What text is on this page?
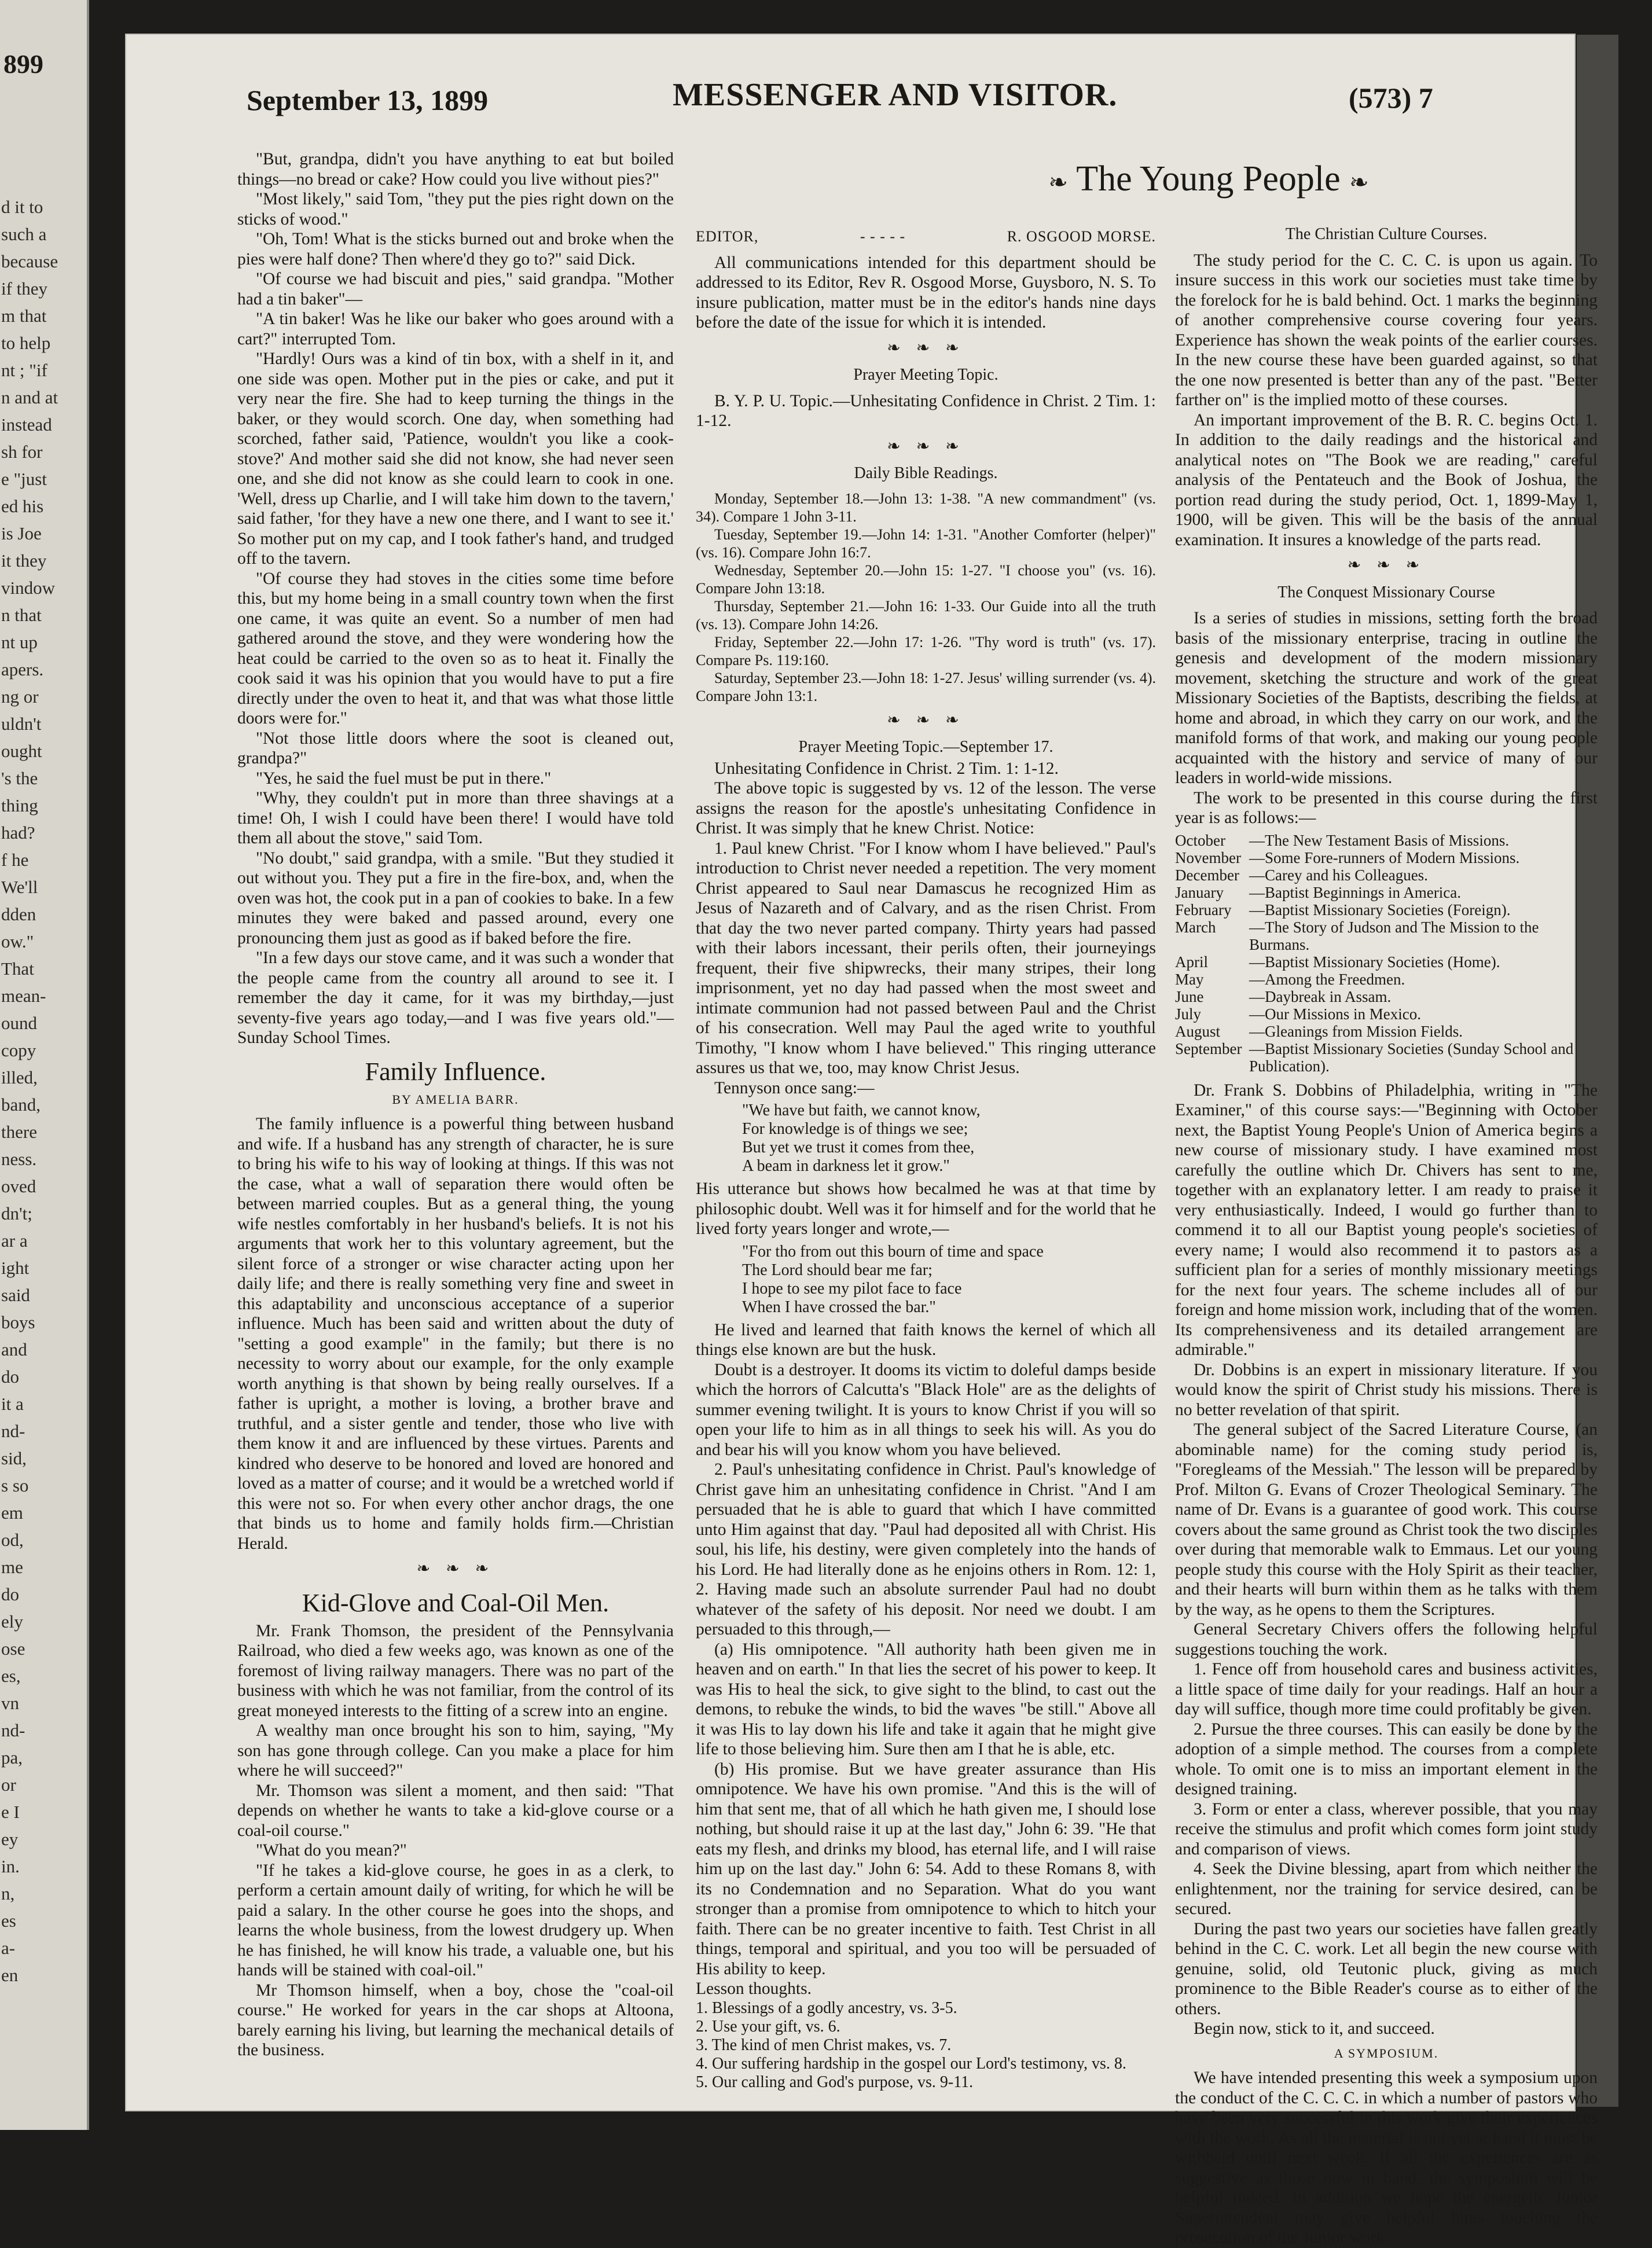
899
d it to
such a
because
if they
m that
to help
nt ; "if
n and at
instead
sh for
e "just
ed his
is Joe
it they
vindow
n that
nt up
apers.
ng or
uldn't
ought
's the
thing
had?
f he
We'll
dden
ow."
That
mean-
ound
copy
illed,
band,
there
ness.
oved
dn't;
ar a
ight
said
boys
and
do
it a
nd-
sid,
s so
em
od,
me
do
ely
ose
es,
vn
nd-
pa,
or
e I
ey
in.
n,
es
a-
en
September 13, 1899	MESSENGER AND VISITOR.	(573) 7

"But, grandpa, didn't you have anything to eat but boiled things—no bread or cake? How could you live without pies?"

"Most likely," said Tom, "they put the pies right down on the sticks of wood."

"Oh, Tom! What is the sticks burned out and broke when the pies were half done? Then where'd they go to?" said Dick.

"Of course we had biscuit and pies," said grandpa. "Mother had a tin baker"—

"A tin baker! Was he like our baker who goes around with a cart?" interrupted Tom.

"Hardly! Ours was a kind of tin box, with a shelf in it, and one side was open. Mother put in the pies or cake, and put it very near the fire. She had to keep turning the things in the baker, or they would scorch. One day, when something had scorched, father said, 'Patience, wouldn't you like a cook-stove?' And mother said she did not know, she had never seen one, and she did not know as she could learn to cook in one. 'Well, dress up Charlie, and I will take him down to the tavern,' said father, 'for they have a new one there, and I want to see it.' So mother put on my cap, and I took father's hand, and trudged off to the tavern.

"Of course they had stoves in the cities some time before this, but my home being in a small country town when the first one came, it was quite an event. So a number of men had gathered around the stove, and they were wondering how the heat could be carried to the oven so as to heat it. Finally the cook said it was his opinion that you would have to put a fire directly under the oven to heat it, and that was what those little doors were for."

"Not those little doors where the soot is cleaned out, grandpa?"

"Yes, he said the fuel must be put in there."

"Why, they couldn't put in more than three shavings at a time! Oh, I wish I could have been there! I would have told them all about the stove," said Tom.

"No doubt," said grandpa, with a smile. "But they studied it out without you. They put a fire in the fire-box, and, when the oven was hot, the cook put in a pan of cookies to bake. In a few minutes they were baked and passed around, every one pronouncing them just as good as if baked before the fire.

"In a few days our stove came, and it was such a wonder that the people came from the country all around to see it. I remember the day it came, for it was my birthday,—just seventy-five years ago today,—and I was five years old."—Sunday School Times.

Family Influence.
BY AMELIA BARR.

The family influence is a powerful thing between husband and wife. If a husband has any strength of character, he is sure to bring his wife to his way of looking at things. If this was not the case, what a wall of separation there would often be between married couples. But as a general thing, the young wife nestles comfortably in her husband's beliefs. It is not his arguments that work her to this voluntary agreement, but the silent force of a stronger or wise character acting upon her daily life; and there is really something very fine and sweet in this adaptability and unconscious acceptance of a superior influence. Much has been said and written about the duty of "setting a good example" in the family; but there is no necessity to worry about our example, for the only example worth anything is that shown by being really ourselves. If a father is upright, a mother is loving, a brother brave and truthful, and a sister gentle and tender, those who live with them know it and are influenced by these virtues. Parents and kindred who deserve to be honored and loved are honored and loved as a matter of course; and it would be a wretched world if this were not so. For when every other anchor drags, the one that binds us to home and family holds firm.—Christian Herald.

❧ ❧ ❧
Kid-Glove and Coal-Oil Men.

Mr. Frank Thomson, the president of the Pennsylvania Railroad, who died a few weeks ago, was known as one of the foremost of living railway managers. There was no part of the business with which he was not familiar, from the control of its great moneyed interests to the fitting of a screw into an engine.

A wealthy man once brought his son to him, saying, "My son has gone through college. Can you make a place for him where he will succeed?"

Mr. Thomson was silent a moment, and then said: "That depends on whether he wants to take a kid-glove course or a coal-oil course."

"What do you mean?"

"If he takes a kid-glove course, he goes in as a clerk, to perform a certain amount daily of writing, for which he will be paid a salary. In the other course he goes into the shops, and learns the whole business, from the lowest drudgery up. When he has finished, he will know his trade, a valuable one, but his hands will be stained with coal-oil."

Mr Thomson himself, when a boy, chose the "coal-oil course." He worked for years in the car shops at Altoona, barely earning his living, but learning the mechanical details of the business.

❧ The Young People ❧
EDITOR,	- - - - -	R. OSGOOD MORSE.

All communications intended for this department should be addressed to its Editor, Rev R. Osgood Morse, Guysboro, N. S. To insure publication, matter must be in the editor's hands nine days before the date of the issue for which it is intended.

❧ ❧ ❧
Prayer Meeting Topic.

B. Y. P. U. Topic.—Unhesitating Confidence in Christ. 2 Tim. 1: 1-12.

❧ ❧ ❧
Daily Bible Readings.

Monday, September 18.—John 13: 1-38. "A new commandment" (vs. 34). Compare 1 John 3-11.

Tuesday, September 19.—John 14: 1-31. "Another Comforter (helper)" (vs. 16). Compare John 16:7.

Wednesday, September 20.—John 15: 1-27. "I choose you" (vs. 16). Compare John 13:18.

Thursday, September 21.—John 16: 1-33. Our Guide into all the truth (vs. 13). Compare John 14:26.

Friday, September 22.—John 17: 1-26. "Thy word is truth" (vs. 17). Compare Ps. 119:160.

Saturday, September 23.—John 18: 1-27. Jesus' willing surrender (vs. 4). Compare John 13:1.

❧ ❧ ❧
Prayer Meeting Topic.—September 17.

Unhesitating Confidence in Christ. 2 Tim. 1: 1-12.

The above topic is suggested by vs. 12 of the lesson. The verse assigns the reason for the apostle's unhesitating Confidence in Christ. It was simply that he knew Christ. Notice:

1. Paul knew Christ. "For I know whom I have believed." Paul's introduction to Christ never needed a repetition. The very moment Christ appeared to Saul near Damascus he recognized Him as Jesus of Nazareth and of Calvary, and as the risen Christ. From that day the two never parted company. Thirty years had passed with their labors incessant, their perils often, their journeyings frequent, their five shipwrecks, their many stripes, their long imprisonment, yet no day had passed when the most sweet and intimate communion had not passed between Paul and the Christ of his consecration. Well may Paul the aged write to youthful Timothy, "I know whom I have believed." This ringing utterance assures us that we, too, may know Christ Jesus.

Tennyson once sang:—

"We have but faith, we cannot know,
For knowledge is of things we see;
But yet we trust it comes from thee,
A beam in darkness let it grow."

His utterance but shows how becalmed he was at that time by philosophic doubt. Well was it for himself and for the world that he lived forty years longer and wrote,—

"For tho from out this bourn of time and space
The Lord should bear me far;
I hope to see my pilot face to face
When I have crossed the bar."

He lived and learned that faith knows the kernel of which all things else known are but the husk.

Doubt is a destroyer. It dooms its victim to doleful damps beside which the horrors of Calcutta's "Black Hole" are as the delights of summer evening twilight. It is yours to know Christ if you will so open your life to him as in all things to seek his will. As you do and bear his will you know whom you have believed.

2. Paul's unhesitating confidence in Christ. Paul's knowledge of Christ gave him an unhesitating confidence in Christ. "And I am persuaded that he is able to guard that which I have committed unto Him against that day. "Paul had deposited all with Christ. His soul, his life, his destiny, were given completely into the hands of his Lord. He had literally done as he enjoins others in Rom. 12: 1, 2. Having made such an absolute surrender Paul had no doubt whatever of the safety of his deposit. Nor need we doubt. I am persuaded to this through,—

(a) His omnipotence. "All authority hath been given me in heaven and on earth." In that lies the secret of his power to keep. It was His to heal the sick, to give sight to the blind, to cast out the demons, to rebuke the winds, to bid the waves "be still." Above all it was His to lay down his life and take it again that he might give life to those believing him. Sure then am I that he is able, etc.

(b) His promise. But we have greater assurance than His omnipotence. We have his own promise. "And this is the will of him that sent me, that of all which he hath given me, I should lose nothing, but should raise it up at the last day," John 6: 39. "He that eats my flesh, and drinks my blood, has eternal life, and I will raise him up on the last day." John 6: 54. Add to these Romans 8, with its no Condemnation and no Separation. What do you want stronger than a promise from omnipotence to which to hitch your faith. There can be no greater incentive to faith. Test Christ in all things, temporal and spiritual, and you too will be persuaded of His ability to keep.

Lesson thoughts.

1. Blessings of a godly ancestry, vs. 3-5.
2. Use your gift, vs. 6.
3. The kind of men Christ makes, vs. 7.
4. Our suffering hardship in the gospel our Lord's testimony, vs. 8.
5. Our calling and God's purpose, vs. 9-11.
The Christian Culture Courses.

The study period for the C. C. C. is upon us again. To insure success in this work our societies must take time by the forelock for he is bald behind. Oct. 1 marks the beginning of another comprehensive course covering four years. Experience has shown the weak points of the earlier courses. In the new course these have been guarded against, so that the one now presented is better than any of the past. "Better farther on" is the implied motto of these courses.

An important improvement of the B. R. C. begins Oct. 1. In addition to the daily readings and the historical and analytical notes on "The Book we are reading," careful analysis of the Pentateuch and the Book of Joshua, the portion read during the study period, Oct. 1, 1899-May 1, 1900, will be given. This will be the basis of the annual examination. It insures a knowledge of the parts read.

❧ ❧ ❧
The Conquest Missionary Course

Is a series of studies in missions, setting forth the broad basis of the missionary enterprise, tracing in outline the genesis and development of the modern missionary movement, sketching the structure and work of the great Missionary Societies of the Baptists, describing the fields, at home and abroad, in which they carry on our work, and the manifold forms of that work, and making our young people acquainted with the history and service of many of our leaders in world-wide missions.

The work to be presented in this course during the first year is as follows:—

October	—The New Testament Basis of Missions.
November	—Some Fore-runners of Modern Missions.
December	—Carey and his Colleagues.
January	—Baptist Beginnings in America.
February	—Baptist Missionary Societies (Foreign).
March	—The Story of Judson and The Mission to the Burmans.
April	—Baptist Missionary Societies (Home).
May	—Among the Freedmen.
June	—Daybreak in Assam.
July	—Our Missions in Mexico.
August	—Gleanings from Mission Fields.
September	—Baptist Missionary Societies (Sunday School and Publication).

Dr. Frank S. Dobbins of Philadelphia, writing in "The Examiner," of this course says:—"Beginning with October next, the Baptist Young People's Union of America begins a new course of missionary study. I have examined most carefully the outline which Dr. Chivers has sent to me, together with an explanatory letter. I am ready to praise it very enthusiastically. Indeed, I would go further than to commend it to all our Baptist young people's societies of every name; I would also recommend it to pastors as a sufficient plan for a series of monthly missionary meetings for the next four years. The scheme includes all of our foreign and home mission work, including that of the women. Its comprehensiveness and its detailed arrangement are admirable."

Dr. Dobbins is an expert in missionary literature. If you would know the spirit of Christ study his missions. There is no better revelation of that spirit.

The general subject of the Sacred Literature Course, (an abominable name) for the coming study period is, "Foregleams of the Messiah." The lesson will be prepared by Prof. Milton G. Evans of Crozer Theological Seminary. The name of Dr. Evans is a guarantee of good work. This course covers about the same ground as Christ took the two disciples over during that memorable walk to Emmaus. Let our young people study this course with the Holy Spirit as their teacher, and their hearts will burn within them as he talks with them by the way, as he opens to them the Scriptures.

General Secretary Chivers offers the following helpful suggestions touching the work.

1. Fence off from household cares and business activities, a little space of time daily for your readings. Half an hour a day will suffice, though more time could profitably be given.

2. Pursue the three courses. This can easily be done by the adoption of a simple method. The courses from a complete whole. To omit one is to miss an important element in the designed training.

3. Form or enter a class, wherever possible, that you may receive the stimulus and profit which comes form joint study and comparison of views.

4. Seek the Divine blessing, apart from which neither the enlightenment, nor the training for service desired, can be secured.

During the past two years our societies have fallen greatly behind in the C. C. work. Let all begin the new course with genuine, solid, old Teutonic pluck, giving as much prominence to the Bible Reader's course as to either of the others.

Begin now, stick to it, and succeed.

A SYMPOSIUM.

We have intended presenting this week a symposium upon the conduct of the C. C. C. in which a number of pastors who have been very successful in this work give their experiences with the work. As all the material is not yet at hand it must be withheld until next week. If all the experiences are as suggestive as those now in hand, the symposium will be helpful indeed. In addition we hope the energetic Junior Superintendent may give helpful hints touching the prosecution of the Junior work.
